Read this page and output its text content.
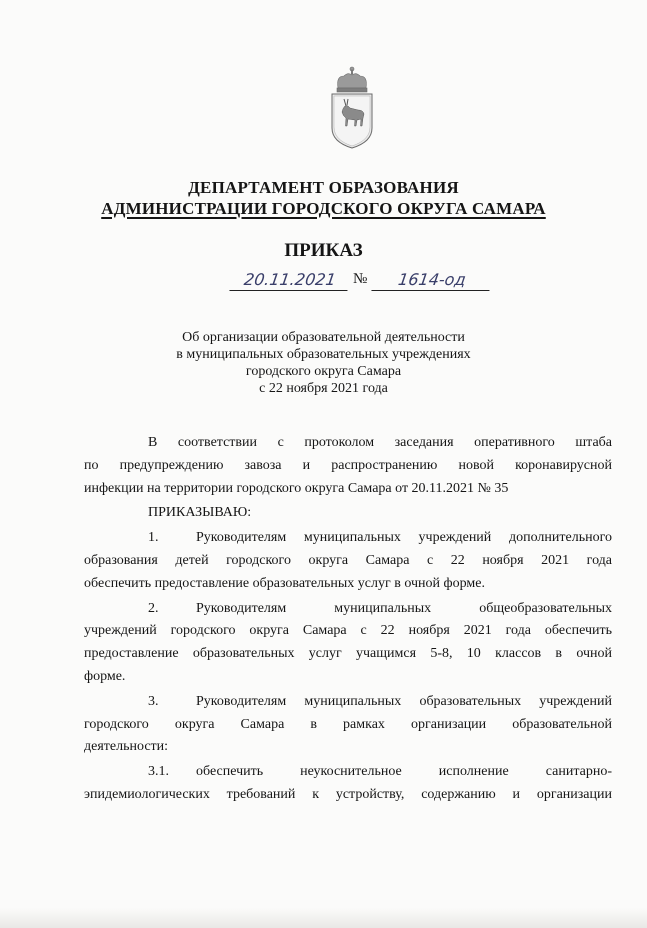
ДЕПАРТАМЕНТ ОБРАЗОВАНИЯ
АДМИНИСТРАЦИИ ГОРОДСКОГО ОКРУГА САМАРА
ПРИКАЗ
20.11.2021	№	1614-од
Об организации образовательной деятельности
в муниципальных образовательных учреждениях
городского округа Самара
с 22 ноября 2021 года
В соответствии с протоколом заседания оперативного штаба
по предупреждению завоза и распространению новой коронавирусной
инфекции на территории городского округа Самара от 20.11.2021 № 35
ПРИКАЗЫВАЮ:
1.	Руководителям муниципальных учреждений дополнительного
образования детей городского округа Самара с 22 ноября 2021 года
обеспечить предоставление образовательных услуг в очной форме.
2.	Руководителям муниципальных общеобразовательных
учреждений городского округа Самара с 22 ноября 2021 года обеспечить
предоставление образовательных услуг учащимся 5-8, 10 классов в очной
форме.
3.	Руководителям муниципальных образовательных учреждений
городского округа Самара в рамках организации образовательной
деятельности:
3.1.	обеспечить неукоснительное исполнение санитарно-
эпидемиологических требований к устройству, содержанию и организации
